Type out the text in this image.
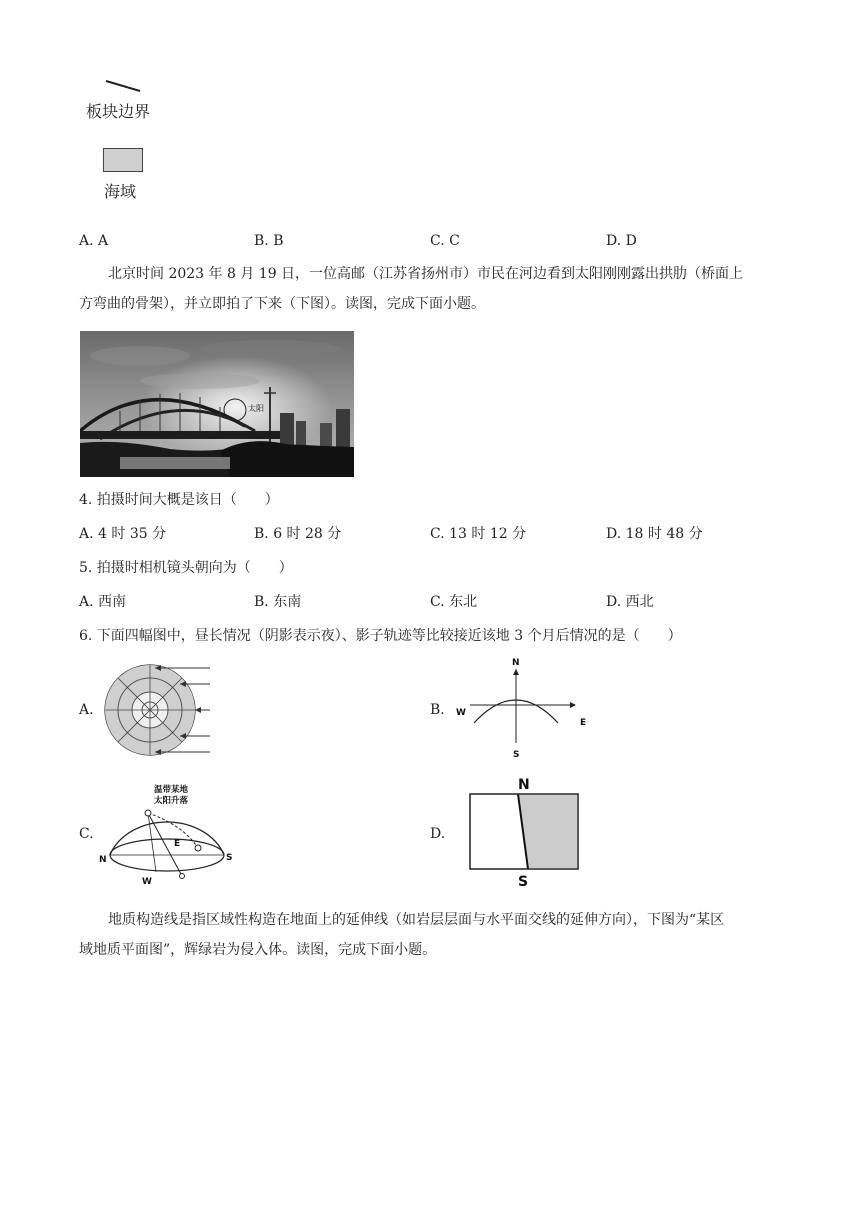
板块边界
海域
A. A	B. B	C. C	D. D
北京时间 2023 年 8 月 19 日，一位高邮（江苏省扬州市）市民在河边看到太阳刚刚露出拱肋（桥面上
方弯曲的骨架），并立即拍了下来（下图）。读图，完成下面小题。
太阳
4. 拍摄时间大概是该日（　　）
A. 4 时 35 分	B. 6 时 28 分	C. 13 时 12 分	D. 18 时 48 分
5. 拍摄时相机镜头朝向为（　　）
A. 西南	B. 东南	C. 东北	D. 西北
6. 下面四幅图中，昼长情况（阴影表示夜）、影子轨迹等比较接近该地 3 个月后情况的是（　　）
A.	B.
N
S
W
E
C.
温带某地
太阳升落
N	S
E
W
D.
N
S
地质构造线是指区域性构造在地面上的延伸线（如岩层层面与水平面交线的延伸方向），下图为“某区
域地质平面图”，辉绿岩为侵入体。读图，完成下面小题。
